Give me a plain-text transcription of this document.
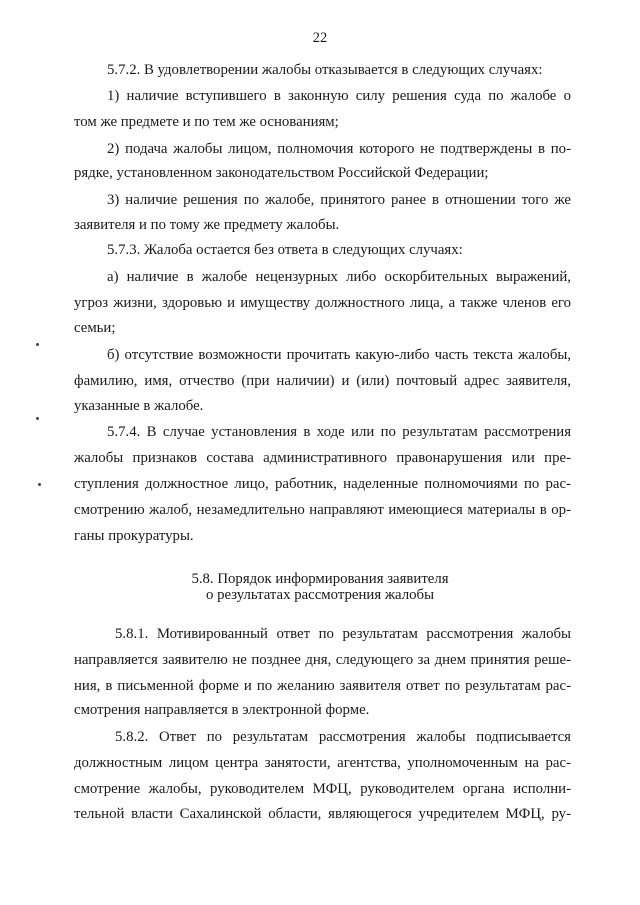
22
5.7.2. В удовлетворении жалобы отказывается в следующих случаях:
1) наличие вступившего в законную силу решения суда по жалобе о
том же предмете и по тем же основаниям;
2) подача жалобы лицом, полномочия которого не подтверждены в по-
рядке, установленном законодательством Российской Федерации;
3) наличие решения по жалобе, принятого ранее в отношении того же
заявителя и по тому же предмету жалобы.
5.7.3. Жалоба остается без ответа в следующих случаях:
а) наличие в жалобе нецензурных либо оскорбительных выражений,
угроз жизни, здоровью и имуществу должностного лица, а также членов его
семьи;
б) отсутствие возможности прочитать какую-либо часть текста жалобы,
фамилию, имя, отчество (при наличии) и (или) почтовый адрес заявителя,
указанные в жалобе.
5.7.4. В случае установления в ходе или по результатам рассмотрения
жалобы признаков состава административного правонарушения или пре-
ступления должностное лицо, работник, наделенные полномочиями по рас-
смотрению жалоб, незамедлительно направляют имеющиеся материалы в ор-
ганы прокуратуры.
5.8. Порядок информирования заявителя
о результатах рассмотрения жалобы
5.8.1. Мотивированный ответ по результатам рассмотрения жалобы
направляется заявителю не позднее дня, следующего за днем принятия реше-
ния, в письменной форме и по желанию заявителя ответ по результатам рас-
смотрения направляется в электронной форме.
5.8.2. Ответ по результатам рассмотрения жалобы подписывается
должностным лицом центра занятости, агентства, уполномоченным на рас-
смотрение жалобы, руководителем МФЦ, руководителем органа исполни-
тельной власти Сахалинской области, являющегося учредителем МФЦ, ру-
